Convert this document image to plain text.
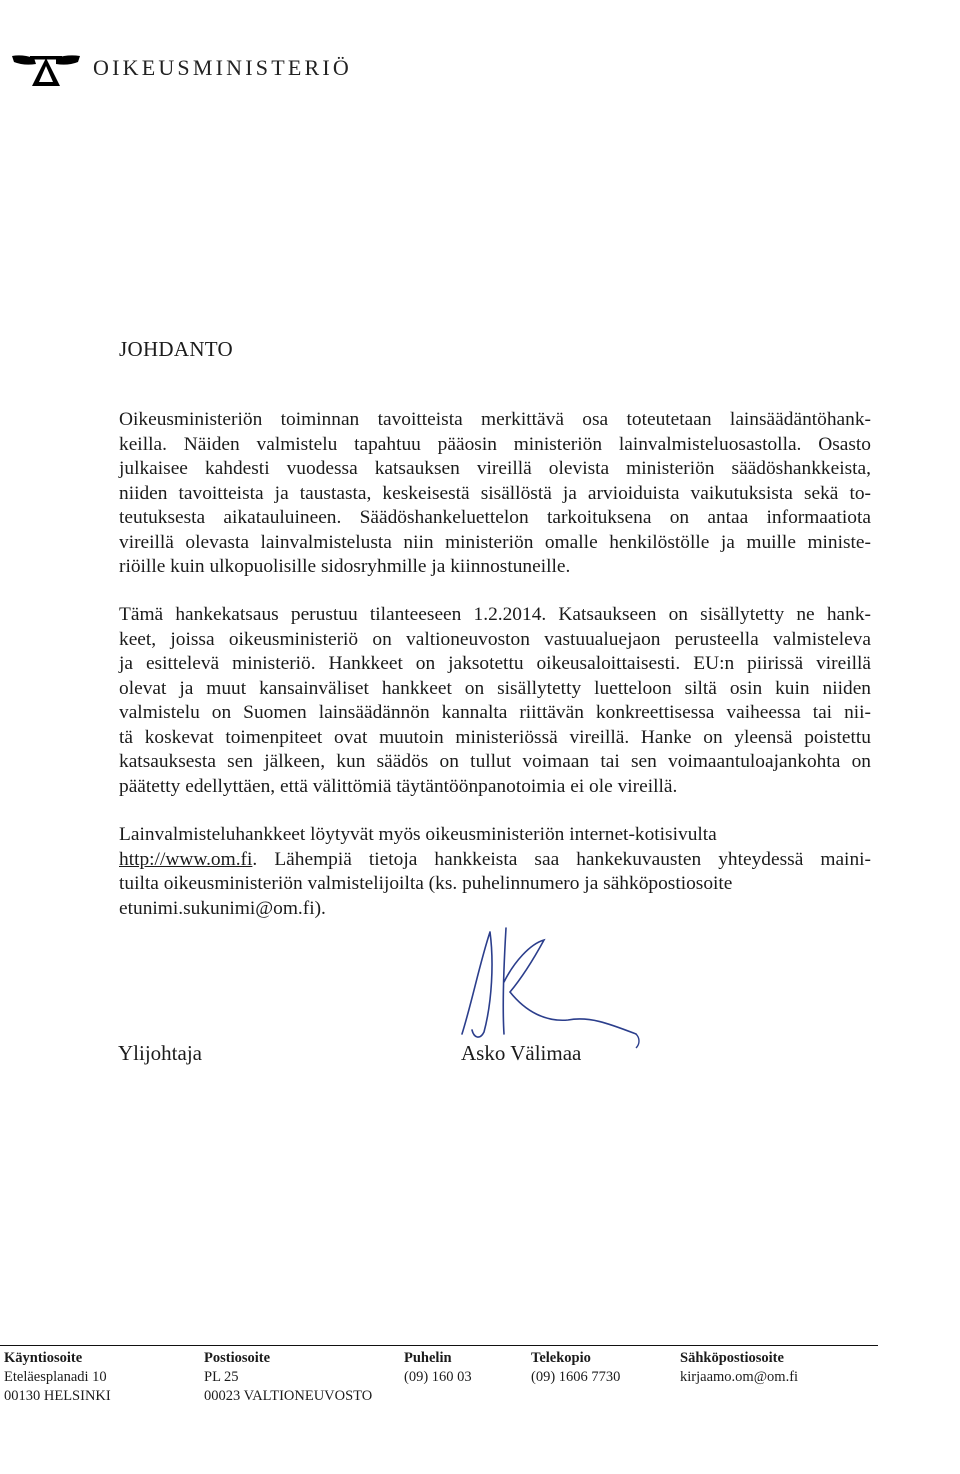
OIKEUSMINISTERIÖ
JOHDANTO
Oikeusministeriön toiminnan tavoitteista merkittävä osa toteutetaan lainsäädäntöhank-
keilla. Näiden valmistelu tapahtuu pääosin ministeriön lainvalmisteluosastolla. Osasto
julkaisee kahdesti vuodessa katsauksen vireillä olevista ministeriön säädöshankkeista,
niiden tavoitteista ja taustasta, keskeisestä sisällöstä ja arvioiduista vaikutuksista sekä to-
teutuksesta aikatauluineen. Säädöshankeluettelon tarkoituksena on antaa informaatiota
vireillä olevasta lainvalmistelusta niin ministeriön omalle henkilöstölle ja muille ministe-
riöille kuin ulkopuolisille sidosryhmille ja kiinnostuneille.
Tämä hankekatsaus perustuu tilanteeseen 1.2.2014. Katsaukseen on sisällytetty ne hank-
keet, joissa oikeusministeriö on valtioneuvoston vastuualuejaon perusteella valmisteleva
ja esittelevä ministeriö. Hankkeet on jaksotettu oikeusaloittaisesti. EU:n piirissä vireillä
olevat ja muut kansainväliset hankkeet on sisällytetty luetteloon siltä osin kuin niiden
valmistelu on Suomen lainsäädännön kannalta riittävän konkreettisessa vaiheessa tai nii-
tä koskevat toimenpiteet ovat muutoin ministeriössä vireillä. Hanke on yleensä poistettu
katsauksesta sen jälkeen, kun säädös on tullut voimaan tai sen voimaantuloajankohta on
päätetty edellyttäen, että välittömiä täytäntöönpanotoimia ei ole vireillä.
Lainvalmisteluhankkeet löytyvät myös oikeusministeriön internet-kotisivulta
http://www.om.fi. Lähempiä tietoja hankkeista saa hankekuvausten yhteydessä maini-
tuilta oikeusministeriön valmistelijoilta (ks. puhelinnumero ja sähköpostiosoite
etunimi.sukunimi@om.fi).
Ylijohtaja	Asko Välimaa
Käyntiosoite
Eteläesplanadi 10
00130 HELSINKI
Postiosoite
PL 25
00023 VALTIONEUVOSTO
Puhelin
(09) 160 03
Telekopio
(09) 1606 7730
Sähköpostiosoite
kirjaamo.om@om.fi
